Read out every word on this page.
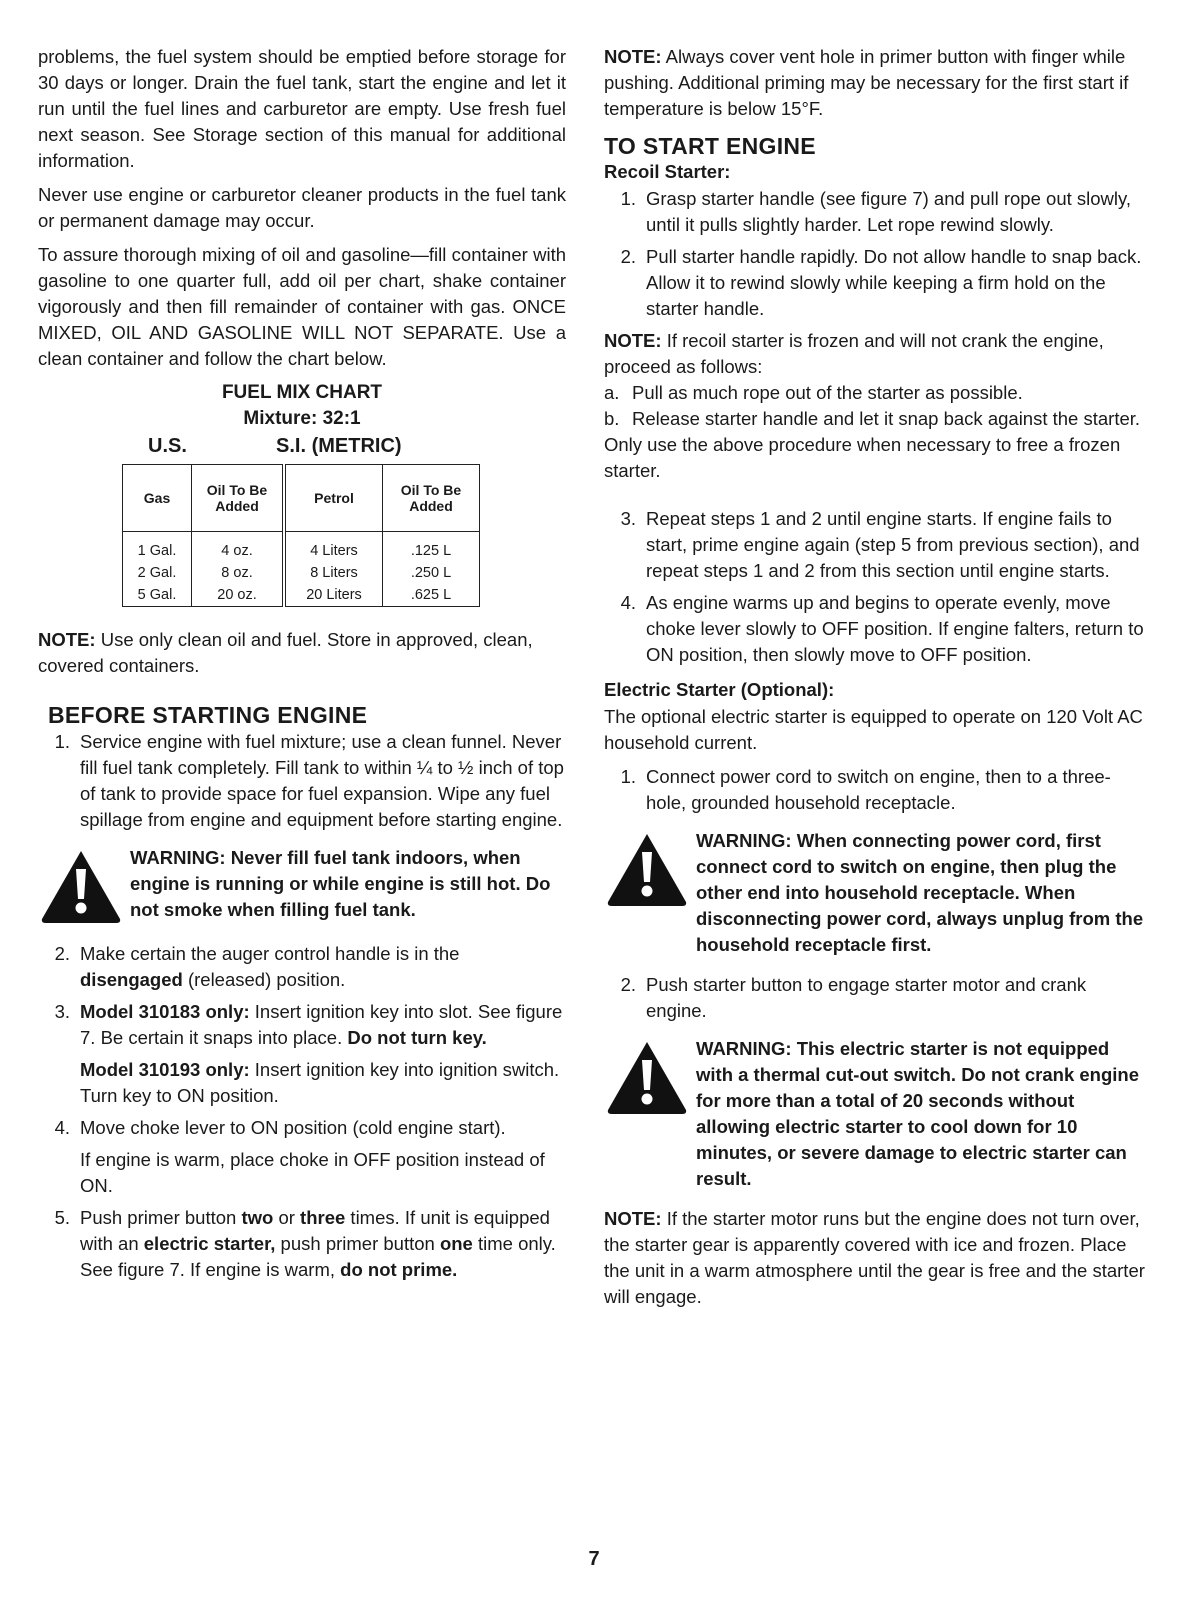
problems, the fuel system should be emptied before storage for 30 days or longer. Drain the fuel tank, start the engine and let it run until the fuel lines and carburetor are empty. Use fresh fuel next season. See Storage section of this manual for additional information.

Never use engine or carburetor cleaner products in the fuel tank or permanent damage may occur.

To assure thorough mixing of oil and gasoline—fill container with gasoline to one quarter full, add oil per chart, shake container vigorously and then fill remainder of container with gas. ONCE MIXED, OIL AND GASOLINE WILL NOT SEPARATE. Use a clean container and follow the chart below.

FUEL MIX CHART
Mixture: 32:1
U.S.	S.I. (METRIC)
Gas	Oil To Be Added	Petrol	Oil To Be Added
1 Gal.	4 oz.	4 Liters	.125 L
2 Gal.	8 oz.	8 Liters	.250 L
5 Gal.	20 oz.	20 Liters	.625 L

NOTE: Use only clean oil and fuel. Store in approved, clean, covered containers.

BEFORE STARTING ENGINE
1. Service engine with fuel mixture; use a clean funnel. Never fill fuel tank completely. Fill tank to within ¼ to ½ inch of top of tank to provide space for fuel expansion. Wipe any fuel spillage from engine and equipment before starting engine.
WARNING: Never fill fuel tank indoors, when engine is running or while engine is still hot. Do not smoke when filling fuel tank.
2. Make certain the auger control handle is in the disengaged (released) position.
3. Model 310183 only: Insert ignition key into slot. See figure 7. Be certain it snaps into place. Do not turn key.
Model 310193 only: Insert ignition key into ignition switch. Turn key to ON position.
4. Move choke lever to ON position (cold engine start).
If engine is warm, place choke in OFF position instead of ON.
5. Push primer button two or three times. If unit is equipped with an electric starter, push primer button one time only. See figure 7. If engine is warm, do not prime.

NOTE: Always cover vent hole in primer button with finger while pushing. Additional priming may be necessary for the first start if temperature is below 15°F.

TO START ENGINE
Recoil Starter:
1. Grasp starter handle (see figure 7) and pull rope out slowly, until it pulls slightly harder. Let rope rewind slowly.
2. Pull starter handle rapidly. Do not allow handle to snap back. Allow it to rewind slowly while keeping a firm hold on the starter handle.

NOTE: If recoil starter is frozen and will not crank the engine, proceed as follows:

a. Pull as much rope out of the starter as possible.
b. Release starter handle and let it snap back against the starter.

Only use the above procedure when necessary to free a frozen starter.

3. Repeat steps 1 and 2 until engine starts. If engine fails to start, prime engine again (step 5 from previous section), and repeat steps 1 and 2 from this section until engine starts.
4. As engine warms up and begins to operate evenly, move choke lever slowly to OFF position. If engine falters, return to ON position, then slowly move to OFF position.
Electric Starter (Optional):

The optional electric starter is equipped to operate on 120 Volt AC household current.

1. Connect power cord to switch on engine, then to a three-hole, grounded household receptacle.
WARNING: When connecting power cord, first connect cord to switch on engine, then plug the other end into household receptacle. When disconnecting power cord, always unplug from the household receptacle first.
2. Push starter button to engage starter motor and crank engine.
WARNING: This electric starter is not equipped with a thermal cut-out switch. Do not crank engine for more than a total of 20 seconds without allowing electric starter to cool down for 10 minutes, or severe damage to electric starter can result.

NOTE: If the starter motor runs but the engine does not turn over, the starter gear is apparently covered with ice and frozen. Place the unit in a warm atmosphere until the gear is free and the starter will engage.

7
